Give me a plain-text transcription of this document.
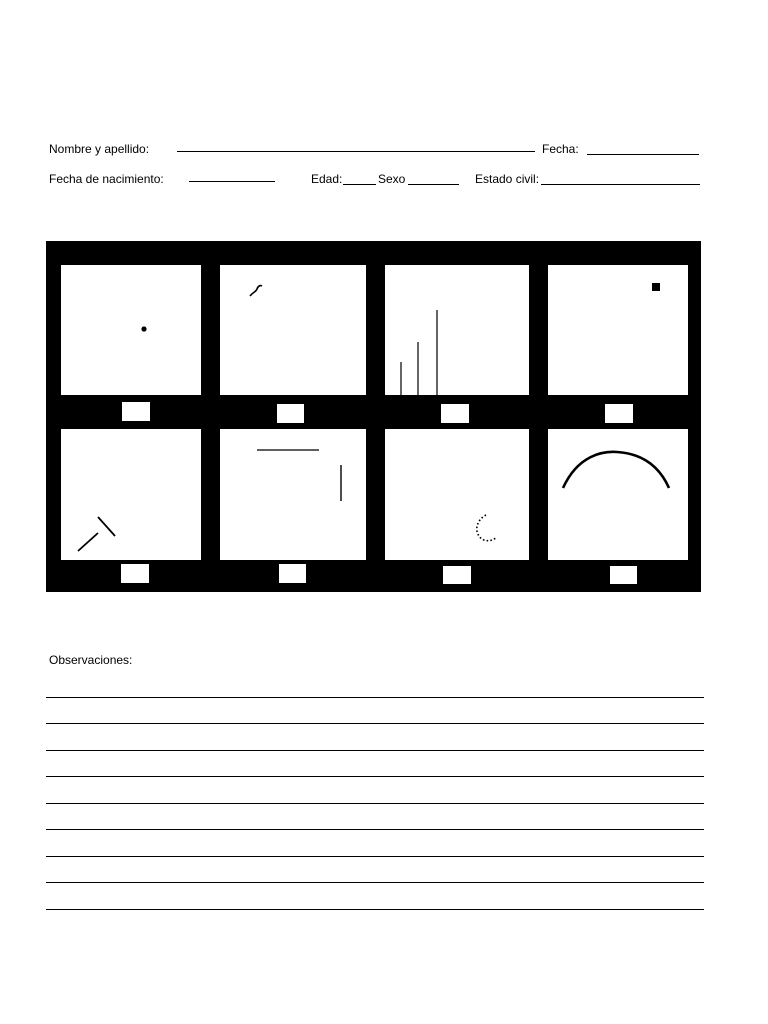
Nombre y apellido:	Fecha:
Fecha de nacimiento:	Edad:	Sexo	Estado civil:
Observaciones:
